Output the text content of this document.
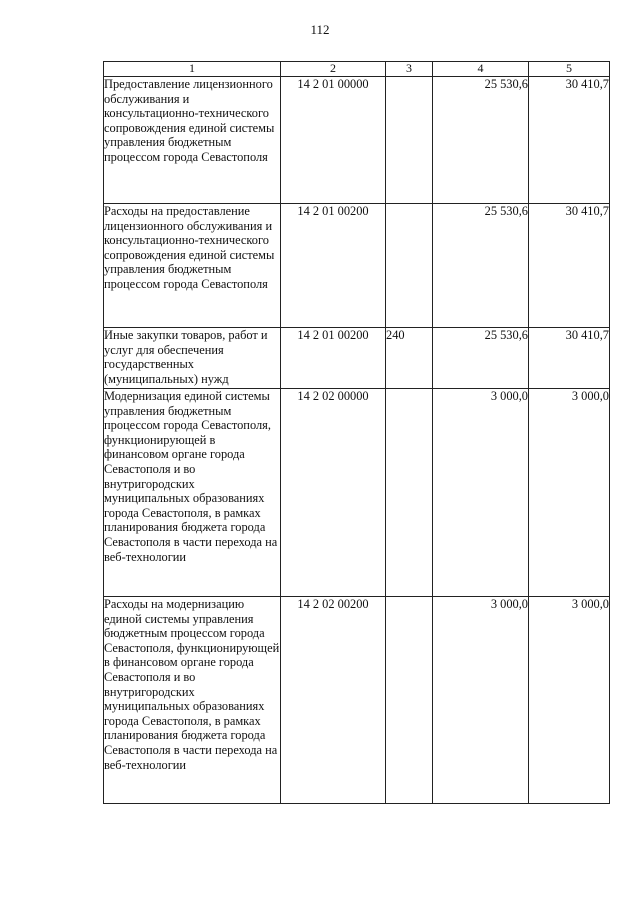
112
1	2	3	4	5
Предоставление лицензионного обслуживания и консультационно-технического сопровождения единой системы управления бюджетным процессом города Севастополя	14 2 01 00000		25 530,6	30 410,7
Расходы на предоставление лицензионного обслуживания и консультационно-технического сопровождения единой системы управления бюджетным процессом города Севастополя	14 2 01 00200		25 530,6	30 410,7
Иные закупки товаров, работ и услуг для обеспечения государственных (муниципальных) нужд	14 2 01 00200	240	25 530,6	30 410,7
Модернизация единой системы управления бюджетным процессом города Севастополя, функционирующей в финансовом органе города Севастополя и во внутригородских муниципальных образованиях города Севастополя, в рамках планирования бюджета города Севастополя в части перехода на веб-технологии	14 2 02 00000		3 000,0	3 000,0
Расходы на модернизацию единой системы управления бюджетным процессом города Севастополя, функционирующей в финансовом органе города Севастополя и во внутригородских муниципальных образованиях города Севастополя, в рамках планирования бюджета города Севастополя в части перехода на веб-технологии	14 2 02 00200		3 000,0	3 000,0
